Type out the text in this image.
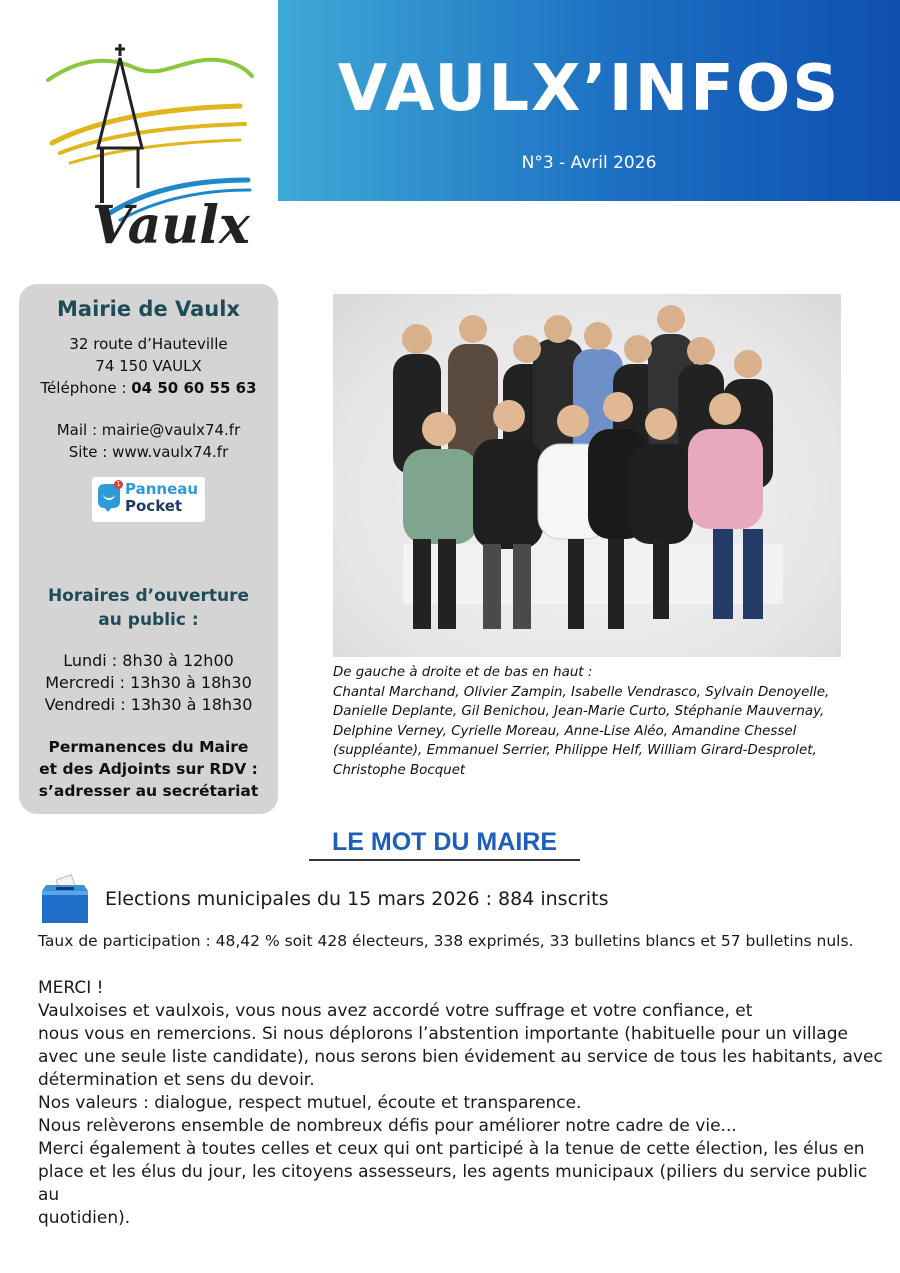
Vaulx
VAULX’INFOS
N°3 - Avril 2026
Mairie de Vaulx
32 route d’Hauteville
74 150 VAULX
Téléphone : 04 50 60 55 63
Mail : mairie@vaulx74.fr
Site : www.vaulx74.fr
1 Panneau
Pocket
Horaires d’ouverture
au public :
Lundi : 8h30 à 12h00
Mercredi : 13h30 à 18h30
Vendredi : 13h30 à 18h30
Permanences du Maire
et des Adjoints sur RDV :
s’adresser au secrétariat
De gauche à droite et de bas en haut :
Chantal Marchand, Olivier Zampin, Isabelle Vendrasco, Sylvain Denoyelle,
Danielle Deplante, Gil Benichou, Jean-Marie Curto, Stéphanie Mauvernay,
Delphine Verney, Cyrielle Moreau, Anne-Lise Aléo, Amandine Chessel
(suppléante), Emmanuel Serrier, Philippe Helf, William Girard-Desprolet,
Christophe Bocquet
LE MOT DU MAIRE
Elections municipales du 15 mars 2026 : 884 inscrits
Taux de participation : 48,42 % soit 428 électeurs, 338 exprimés, 33 bulletins blancs et 57 bulletins nuls.

MERCI !

Vaulxoises et vaulxois, vous nous avez accordé votre suffrage et votre confiance, et

nous vous en remercions. Si nous déplorons l’abstention importante (habituelle pour un village

avec une seule liste candidate), nous serons bien évidement au service de tous les habitants, avec

détermination et sens du devoir.

Nos valeurs : dialogue, respect mutuel, écoute et transparence.

Nous relèverons ensemble de nombreux défis pour améliorer notre cadre de vie...

Merci également à toutes celles et ceux qui ont participé à la tenue de cette élection, les élus en

place et les élus du jour, les citoyens assesseurs, les agents municipaux (piliers du service public au

quotidien).
